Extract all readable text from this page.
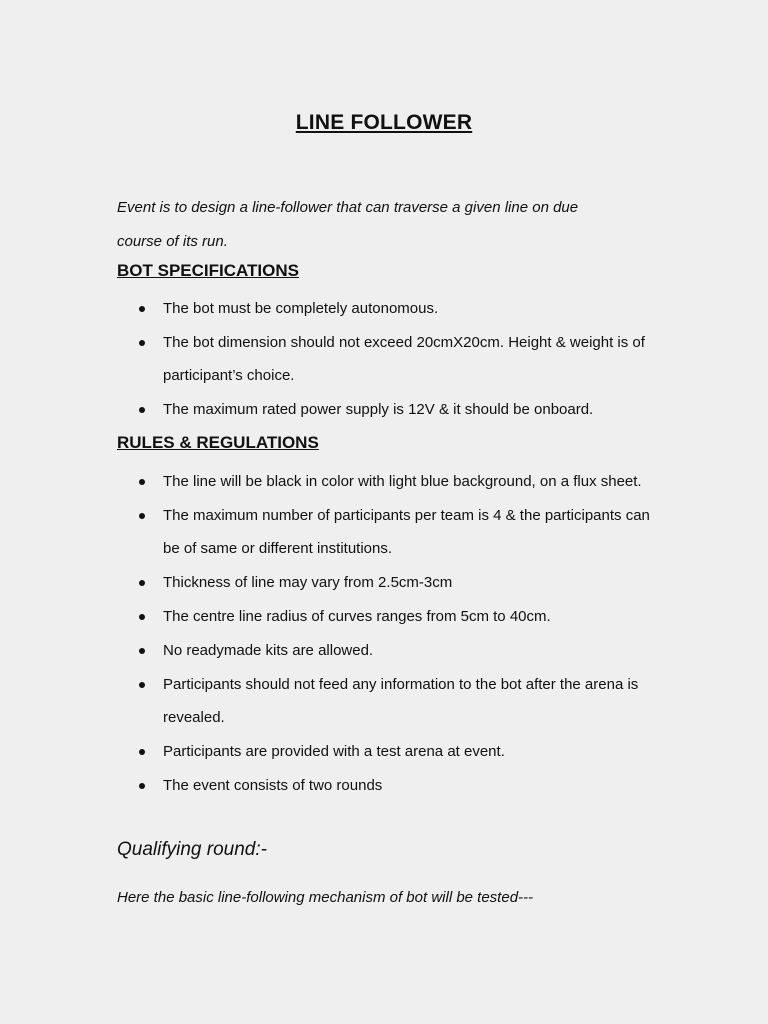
LINE FOLLOWER
Event is to design a line-follower that can traverse a given line on due
course of its run.
BOT SPECIFICATIONS
The bot must be completely autonomous.
The bot dimension should not exceed 20cmX20cm. Height & weight is of participant’s choice.
The maximum rated power supply is 12V & it should be onboard.
RULES & REGULATIONS
The line will be black in color with light blue background, on a flux sheet.
The maximum number of participants per team is 4 & the participants can be of same or different institutions.
Thickness of line may vary from 2.5cm-3cm
The centre line radius of curves ranges from 5cm to 40cm.
No readymade kits are allowed.
Participants should not feed any information to the bot after the arena is revealed.
Participants are provided with a test arena at event.
The event consists of two rounds
Qualifying round:-
Here the basic line-following mechanism of bot will be tested---
